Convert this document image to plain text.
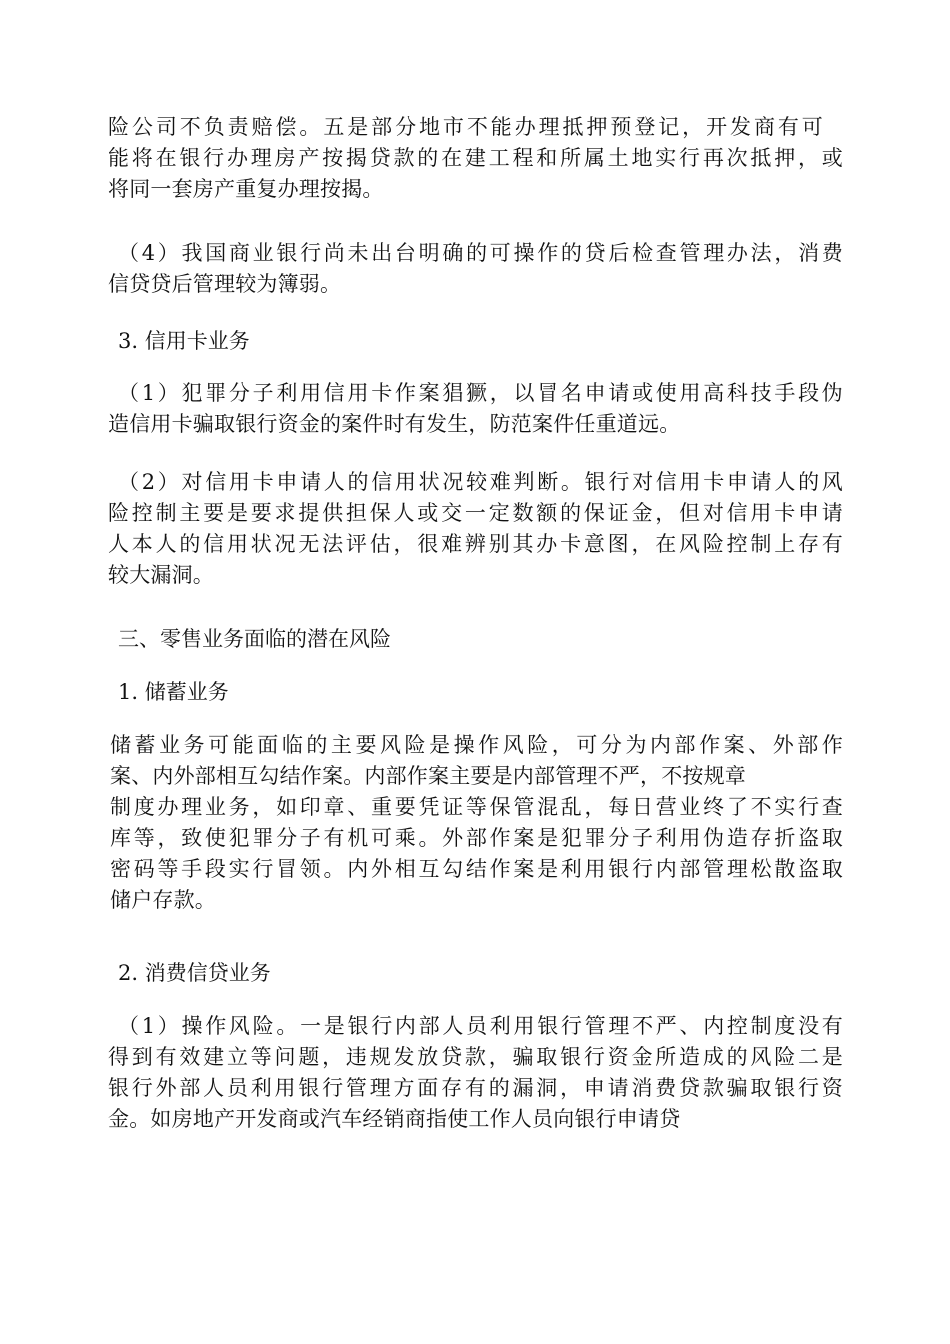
险公司不负责赔偿。五是部分地市不能办理抵押预登记，开发商有可
能将在银行办理房产按揭贷款的在建工程和所属土地实行再次抵押，或
将同一套房产重复办理按揭。
（4）我国商业银行尚未出台明确的可操作的贷后检查管理办法，消费
信贷贷后管理较为簿弱。
3. 信用卡业务
（1）犯罪分子利用信用卡作案猖獗，以冒名申请或使用高科技手段伪
造信用卡骗取银行资金的案件时有发生，防范案件任重道远。
（2）对信用卡申请人的信用状况较难判断。银行对信用卡申请人的风
险控制主要是要求提供担保人或交一定数额的保证金，但对信用卡申请
人本人的信用状况无法评估，很难辨别其办卡意图，在风险控制上存有
较大漏洞。
三、零售业务面临的潜在风险
1. 储蓄业务
储蓄业务可能面临的主要风险是操作风险，可分为内部作案、外部作
案、内外部相互勾结作案。内部作案主要是内部管理不严，不按规章
制度办理业务，如印章、重要凭证等保管混乱，每日营业终了不实行查
库等，致使犯罪分子有机可乘。外部作案是犯罪分子利用伪造存折盗取
密码等手段实行冒领。内外相互勾结作案是利用银行内部管理松散盗取
储户存款。
2. 消费信贷业务
（1）操作风险。一是银行内部人员利用银行管理不严、内控制度没有
得到有效建立等问题，违规发放贷款，骗取银行资金所造成的风险二是
银行外部人员利用银行管理方面存有的漏洞，申请消费贷款骗取银行资
金。如房地产开发商或汽车经销商指使工作人员向银行申请贷
